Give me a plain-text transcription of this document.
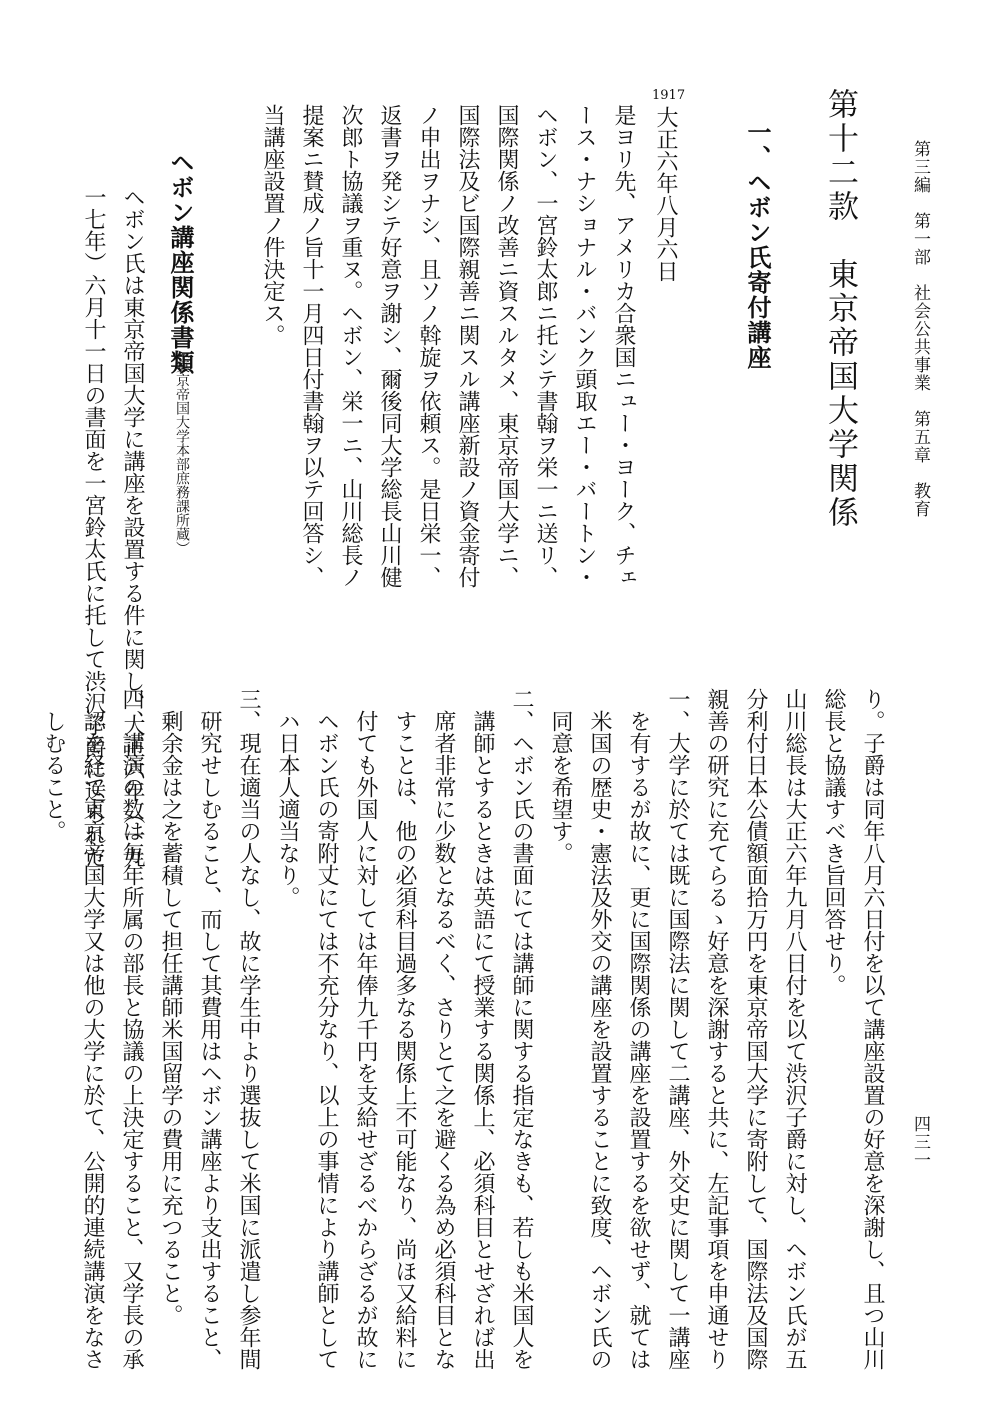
第三編　第一部　社会公共事業　第五章　教育
四三一
第十二款　東京帝国大学関係
一、ヘボン氏寄付講座
1917
大正六年八月六日
是ヨリ先、アメリカ合衆国ニュー・ヨーク、チェ
ース・ナショナル・バンク頭取エー・バートン・
ヘボン、一宮鈴太郎ニ托シテ書翰ヲ栄一ニ送リ、
国際関係ノ改善ニ資スルタメ、東京帝国大学ニ、
国際法及ビ国際親善ニ関スル講座新設ノ資金寄付
ノ申出ヲナシ、且ソノ斡旋ヲ依頼ス。是日栄一、
返書ヲ発シテ好意ヲ謝シ、爾後同大学総長山川健
次郎ト協議ヲ重ヌ。ヘボン、栄一ニ、山川総長ノ
提案ニ賛成ノ旨十一月四日付書翰ヲ以テ回答シ、
当講座設置ノ件決定ス。
ヘボン講座関係書類
（東京帝国大学本部庶務課所蔵）
ヘボン氏は東京帝国大学に講座を設置する件に関し、大正六年（一九
一七年）六月十一日の書面を一宮鈴太氏に托して渋沢子爵に送られた
り。子爵は同年八月六日付を以て講座設置の好意を深謝し、且つ山川
総長と協議すべき旨回答せり。
山川総長は大正六年九月八日付を以て渋沢子爵に対し、ヘボン氏が五
分利付日本公債額面拾万円を東京帝国大学に寄附して、国際法及国際
親善の研究に充てらるゝ好意を深謝すると共に、左記事項を申通せり
一、大学に於ては既に国際法に関して二講座、外交史に関して一講座
を有するが故に、更に国際関係の講座を設置するを欲せず、就ては
米国の歴史・憲法及外交の講座を設置することに致度、ヘボン氏の
同意を希望す。
二、ヘボン氏の書面にては講師に関する指定なきも、若しも米国人を
講師とするときは英語にて授業する関係上、必須科目とせざれば出
席者非常に少数となるべく、さりとて之を避くる為め必須科目とな
すことは、他の必須科目過多なる関係上不可能なり、尚ほ又給料に
付ても外国人に対しては年俸九千円を支給せざるべからざるが故に
ヘボン氏の寄附丈にては不充分なり、以上の事情により講師として
ハ日本人適当なり。
三、現在適当の人なし、故に学生中より選抜して米国に派遣し参年間
研究せしむること、而して其費用はヘボン講座より支出すること、
剰余金は之を蓄積して担任講師米国留学の費用に充つること。
四、講演の数は毎年所属の部長と協議の上決定すること、又学長の承
認を経て東京帝国大学又は他の大学に於て、公開的連続講演をなさ
しむること。
